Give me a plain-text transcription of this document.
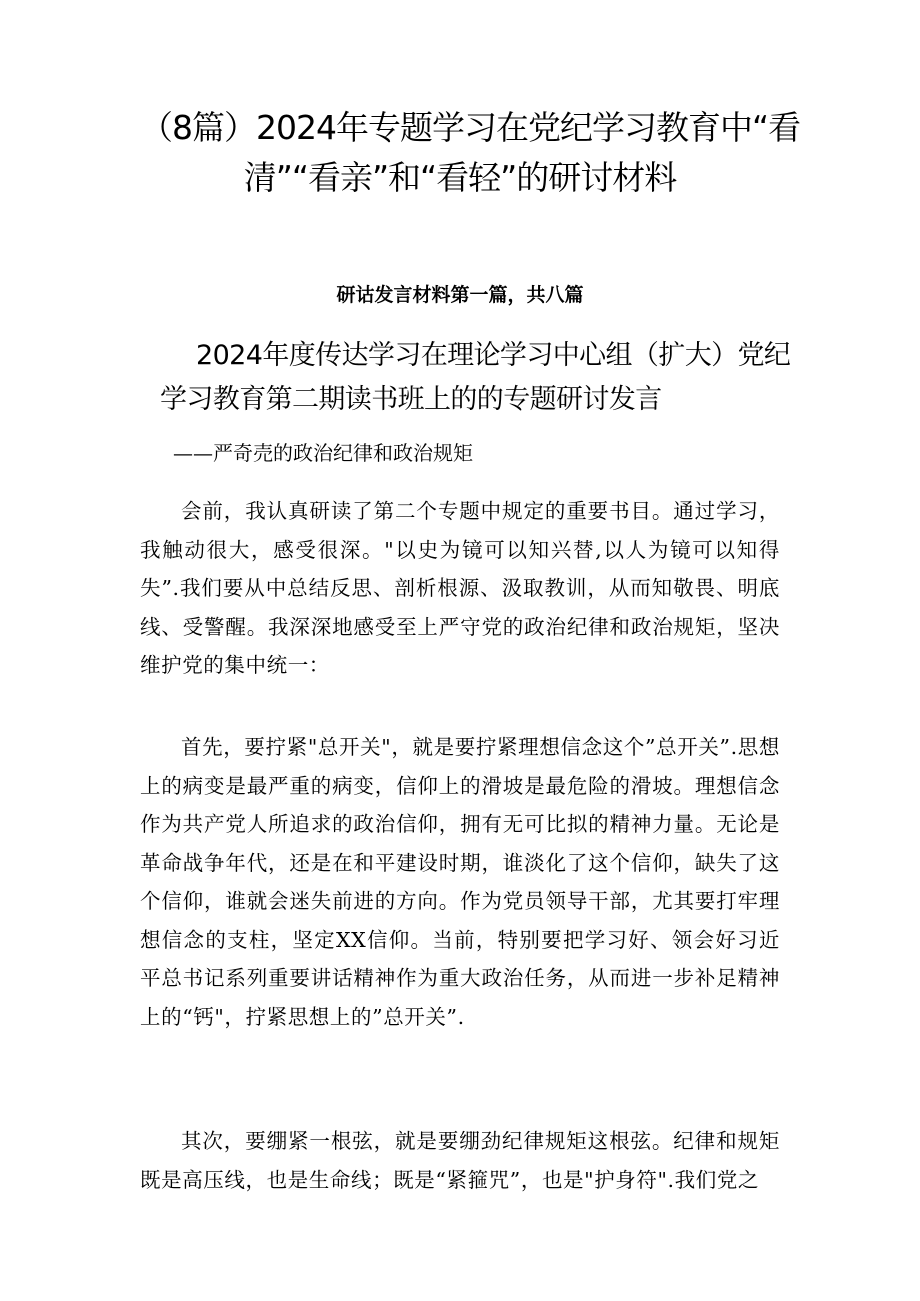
（8篇）2024年专题学习在党纪学习教育中“看
清”“看亲”和“看轻”的研讨材料
研诂发言材料第一篇，共八篇
2024年度传达学习在理论学习中心组（扩大）党纪
学习教育第二期读书班上的的专题研讨发言
——严奇売的政治纪律和政治规矩

会前，我认真研读了第二个专题中规定的重要书目。通过学习，我触动很大，感受很深。"以史为镜可以知兴替,以人为镜可以知得失”.我们要从中总结反思、剖析根源、汲取教训，从而知敬畏、明底线、受警醒。我深深地感受至上严守党的政治纪律和政治规矩，坚决维护党的集中统一：

首先，要拧紧"总开关"，就是要拧紧理想信念这个”总开关”.思想上的病变是最严重的病变，信仰上的滑坡是最危险的滑坡。理想信念作为共产党人所追求的政治信仰，拥有无可比拟的精神力量。无论是革命战争年代，还是在和平建设时期，谁淡化了这个信仰，缺失了这个信仰，谁就会迷失前进的方向。作为党员领导干部，尤其要打牢理想信念的支柱，坚定XX信仰。当前，特别要把学习好、领会好习近平总书记系列重要讲话精神作为重大政治任务，从而进一步补足精神上的“钙"，拧紧思想上的”总开关”.

其次，要绷紧一根弦，就是要绷劲纪律规矩这根弦。纪律和规矩既是高压线，也是生命线；既是“紧箍咒”，也是"护身符".我们党之
